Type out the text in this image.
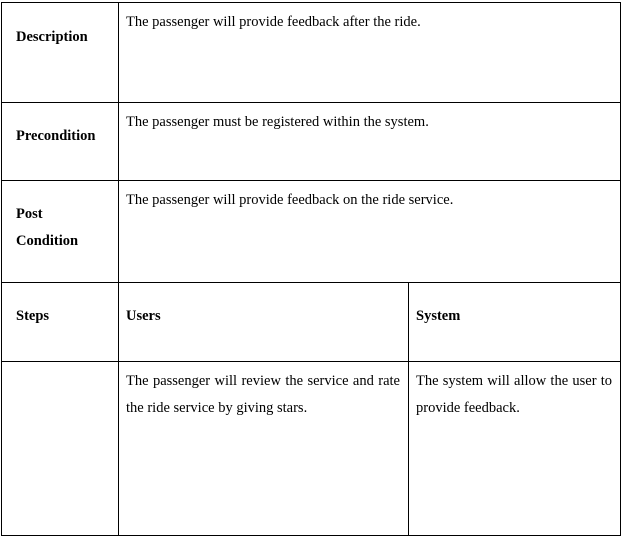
Description	The passenger will provide feedback after the ride.	
Precondition	The passenger must be registered within the system.	
Post
Condition	The passenger will provide feedback on the ride service.	
Steps	Users	System
	The passenger will review the service and rate the ride service by giving stars.	The system will allow the user to provide feedback.
